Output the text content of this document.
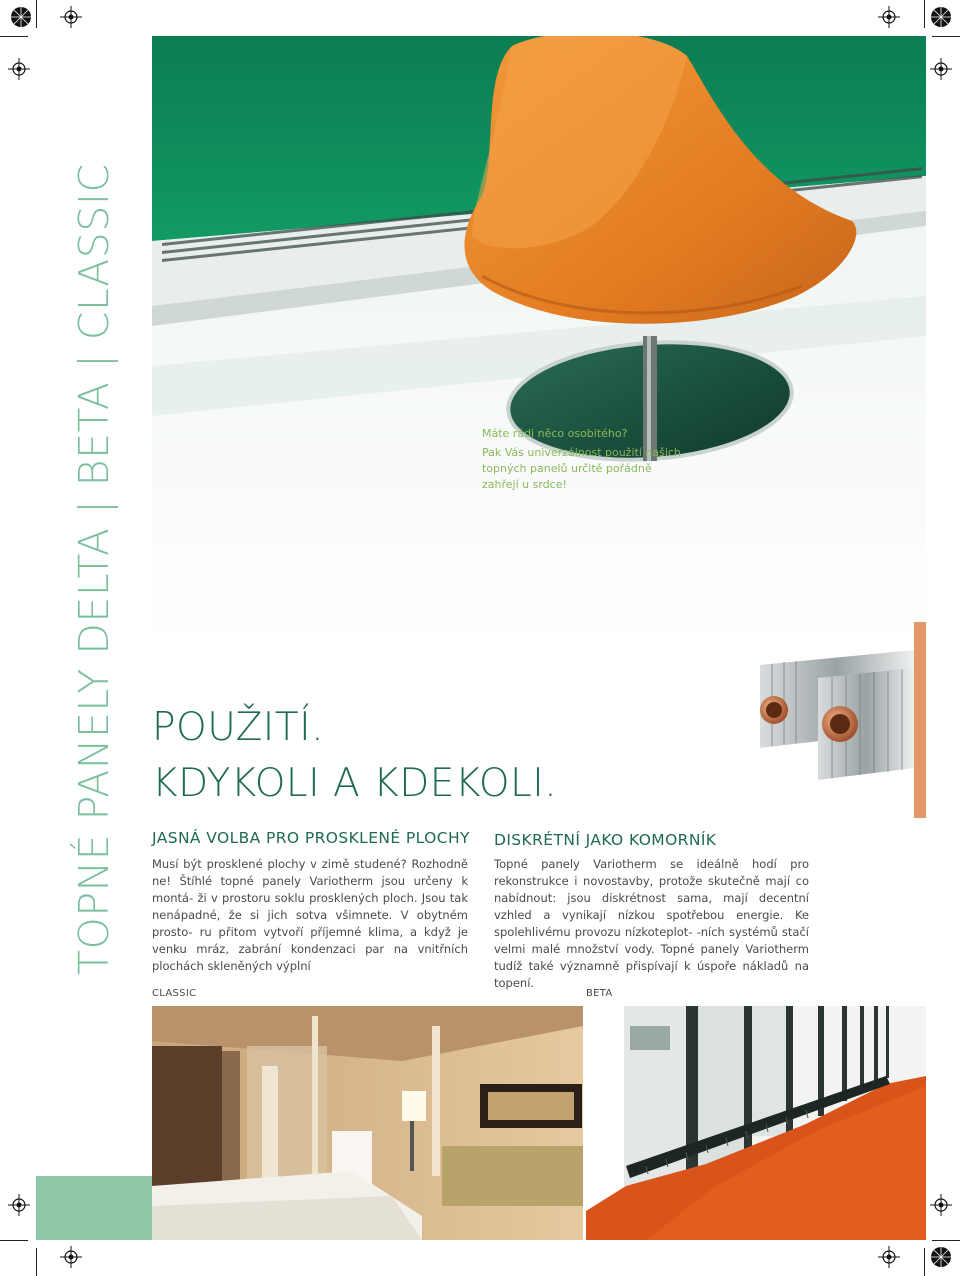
TOPNÉ PANELY DELTA | BETA | CLASSIC	Máte rádi něco osobitého?

Pak Vás univerzálnost použití našich topných panelů určitě pořádně zahřejí u srdce!

POUŽITÍ.
KDYKOLI A KDEKOLI.
JASNÁ VOLBA PRO PROSKLENÉ PLOCHY
Musí být prosklené plochy v zimě studené? Rozhodně ne! Štíhlé topné panely Variotherm jsou určeny k montá- ži v prostoru soklu prosklených ploch. Jsou tak nenápadné, že si jich sotva všimnete. V obytném prosto- ru přitom vytvoří příjemné klima, a když je venku mráz, zabrání kondenzaci par na vnitřních plochách skleněných výplní
DISKRÉTNÍ JAKO KOMORNÍK
Topné panely Variotherm se ideálně hodí pro rekonstrukce i novostavby, protože skutečně mají co nabídnout: jsou diskrétnost sama, mají decentní vzhled a vynikají nízkou spotřebou energie. Ke spolehlivému provozu nízkoteplot- -ních systémů stačí velmi malé množství vody. Topné panely Variotherm tudíž také významně přispívají k úspoře nákladů na topení.
CLASSIC	BETA
